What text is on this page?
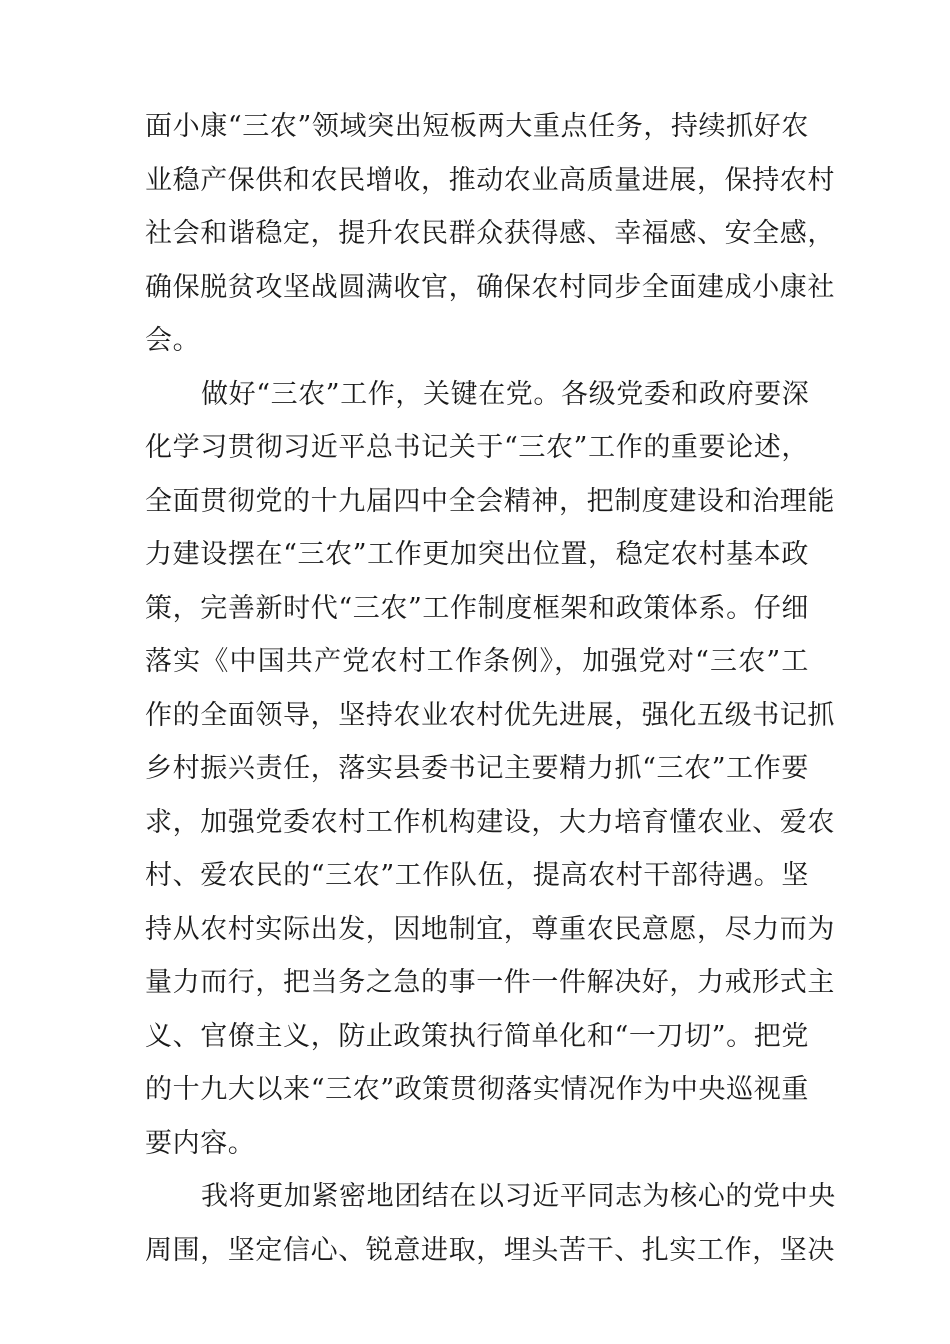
面小康“三农”领域突出短板两大重点任务，持续抓好农
业稳产保供和农民增收，推动农业高质量进展，保持农村
社会和谐稳定，提升农民群众获得感、幸福感、安全感，
确保脱贫攻坚战圆满收官，确保农村同步全面建成小康社
会。
做好“三农”工作，关键在党。各级党委和政府要深
化学习贯彻习近平总书记关于“三农”工作的重要论述，
全面贯彻党的十九届四中全会精神，把制度建设和治理能
力建设摆在“三农”工作更加突出位置，稳定农村基本政
策，完善新时代“三农”工作制度框架和政策体系。仔细
落实《中国共产党农村工作条例》，加强党对“三农”工
作的全面领导，坚持农业农村优先进展，强化五级书记抓
乡村振兴责任，落实县委书记主要精力抓“三农”工作要
求，加强党委农村工作机构建设，大力培育懂农业、爱农
村、爱农民的“三农”工作队伍，提高农村干部待遇。坚
持从农村实际出发，因地制宜，尊重农民意愿，尽力而为
量力而行，把当务之急的事一件一件解决好，力戒形式主
义、官僚主义，防止政策执行简单化和“一刀切”。把党
的十九大以来“三农”政策贯彻落实情况作为中央巡视重
要内容。
我将更加紧密地团结在以习近平同志为核心的党中央
周围，坚定信心、锐意进取，埋头苦干、扎实工作，坚决
